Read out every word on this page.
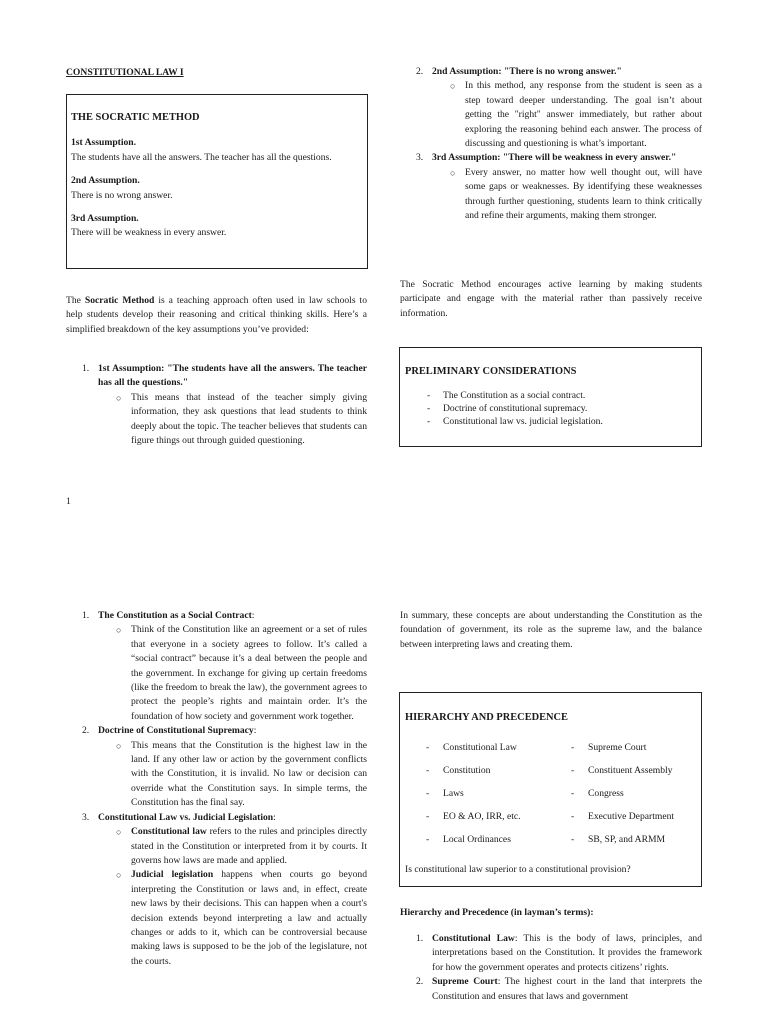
CONSTITUTIONAL LAW I
THE SOCRATIC METHOD
1st Assumption.
The students have all the answers. The teacher has all the questions.
2nd Assumption.
There is no wrong answer.
3rd Assumption.
There will be weakness in every answer.
The Socratic Method is a teaching approach often used in law schools to help students develop their reasoning and critical thinking skills. Here’s a simplified breakdown of the key assumptions you’ve provided:
1. 1st Assumption: "The students have all the answers. The teacher has all the questions."
○ This means that instead of the teacher simply giving information, they ask questions that lead students to think deeply about the topic. The teacher believes that students can figure things out through guided questioning.
1
2. 2nd Assumption: "There is no wrong answer."
○ In this method, any response from the student is seen as a step toward deeper understanding. The goal isn’t about getting the "right" answer immediately, but rather about exploring the reasoning behind each answer. The process of discussing and questioning is what’s important.
3. 3rd Assumption: "There will be weakness in every answer."
○ Every answer, no matter how well thought out, will have some gaps or weaknesses. By identifying these weaknesses through further questioning, students learn to think critically and refine their arguments, making them stronger.
The Socratic Method encourages active learning by making students participate and engage with the material rather than passively receive information.
PRELIMINARY CONSIDERATIONS
- The Constitution as a social contract.
- Doctrine of constitutional supremacy.
- Constitutional law vs. judicial legislation.
1. The Constitution as a Social Contract:
○ Think of the Constitution like an agreement or a set of rules that everyone in a society agrees to follow. It’s called a “social contract” because it’s a deal between the people and the government. In exchange for giving up certain freedoms (like the freedom to break the law), the government agrees to protect the people’s rights and maintain order. It’s the foundation of how society and government work together.
2. Doctrine of Constitutional Supremacy:
○ This means that the Constitution is the highest law in the land. If any other law or action by the government conflicts with the Constitution, it is invalid. No law or decision can override what the Constitution says. In simple terms, the Constitution has the final say.
3. Constitutional Law vs. Judicial Legislation:
○ Constitutional law refers to the rules and principles directly stated in the Constitution or interpreted from it by courts. It governs how laws are made and applied.
○ Judicial legislation happens when courts go beyond interpreting the Constitution or laws and, in effect, create new laws by their decisions. This can happen when a court's decision extends beyond interpreting a law and actually changes or adds to it, which can be controversial because making laws is supposed to be the job of the legislature, not the courts.
In summary, these concepts are about understanding the Constitution as the foundation of government, its role as the supreme law, and the balance between interpreting laws and creating them.
HIERARCHY AND PRECEDENCE
- Constitutional Law
- Constitution
- Laws
- EO & AO, IRR, etc.
- Local Ordinances
- Supreme Court
- Constituent Assembly
- Congress
- Executive Department
- SB, SP, and ARMM
Is constitutional law superior to a constitutional provision?
Hierarchy and Precedence (in layman’s terms):
1. Constitutional Law: This is the body of laws, principles, and interpretations based on the Constitution. It provides the framework for how the government operates and protects citizens’ rights.
2. Supreme Court: The highest court in the land that interprets the Constitution and ensures that laws and government
